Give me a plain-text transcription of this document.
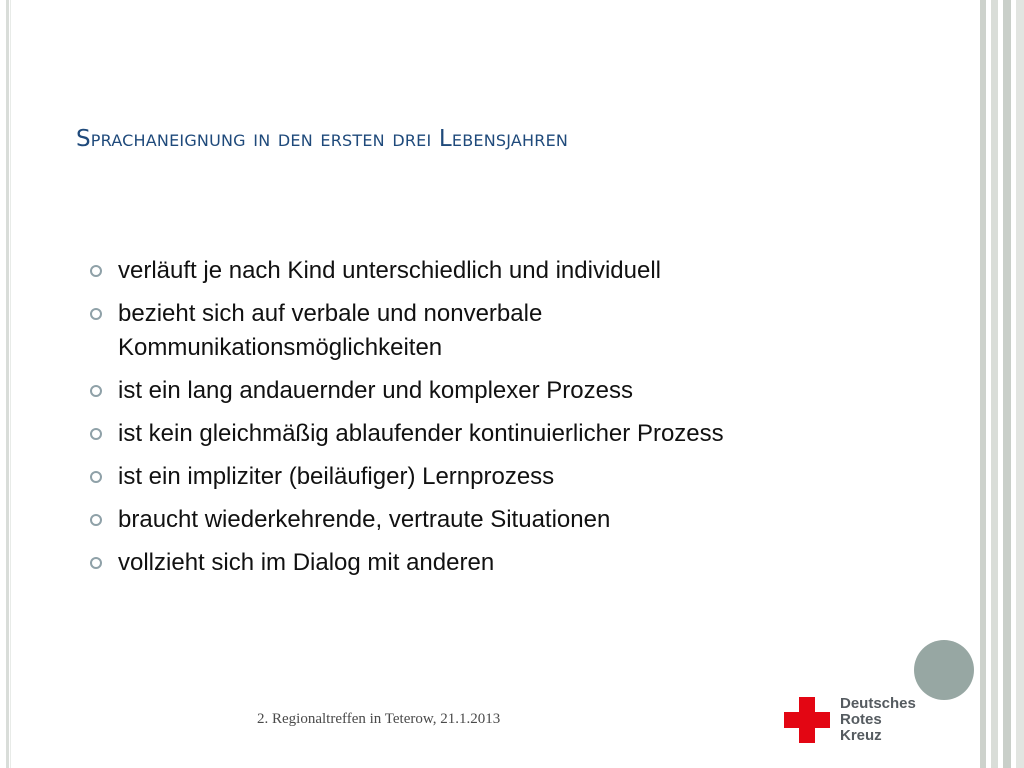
Sprachaneignung in den ersten drei Lebensjahren
verläuft je nach Kind unterschiedlich und individuell
bezieht sich auf verbale und nonverbale Kommunikationsmöglichkeiten
ist ein lang andauernder und komplexer Prozess
ist kein gleichmäßig ablaufender kontinuierlicher Prozess
ist ein impliziter (beiläufiger) Lernprozess
braucht wiederkehrende, vertraute Situationen
vollzieht sich im Dialog mit anderen
2. Regionaltreffen in Teterow, 21.1.2013
Deutsches
Rotes
Kreuz
